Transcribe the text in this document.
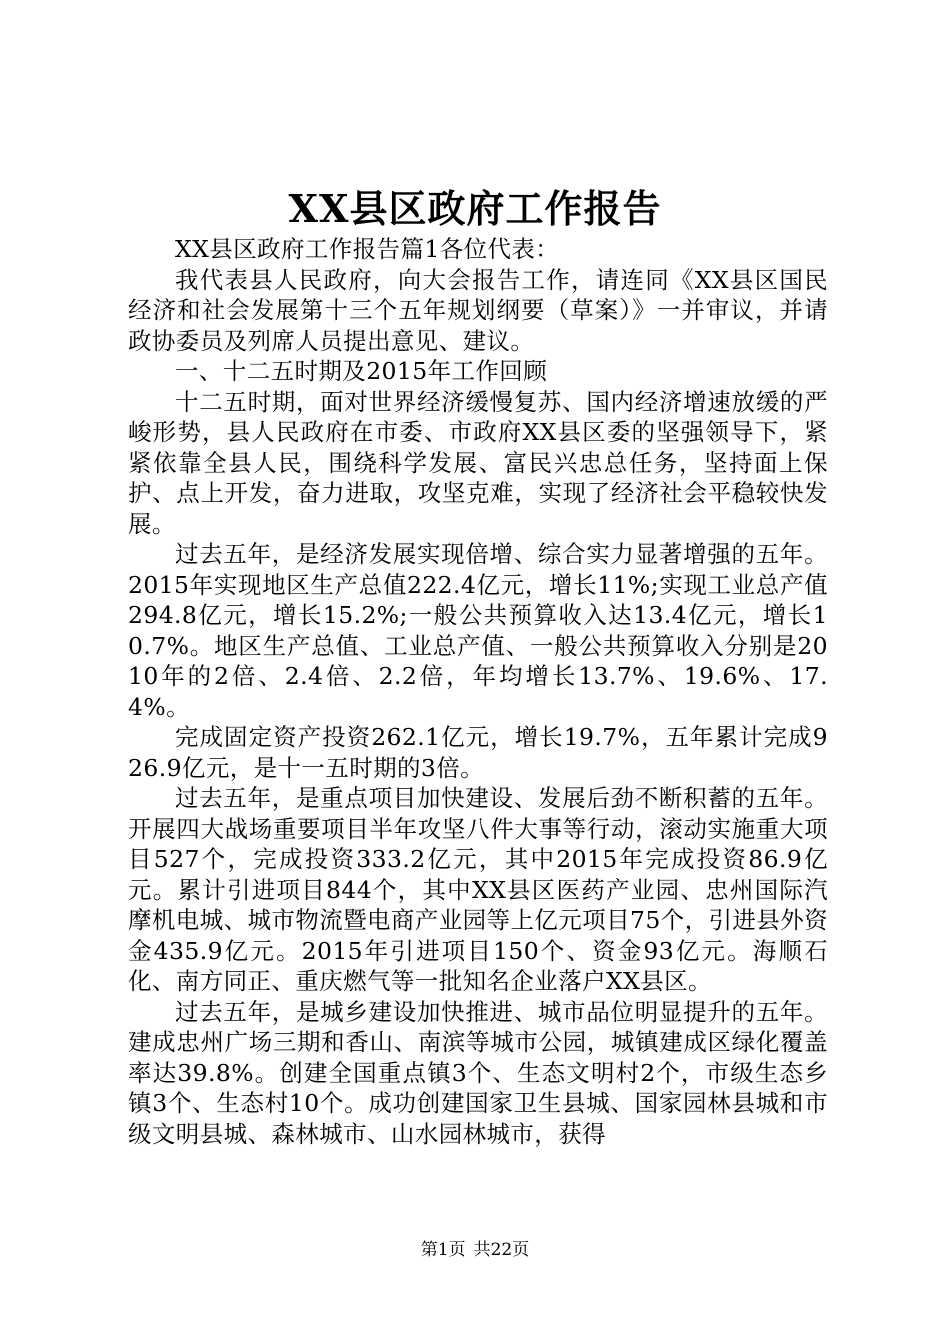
XX县区政府工作报告

XX县区政府工作报告篇1各位代表：

我代表县人民政府，向大会报告工作，请连同《XX县区国民经济和社会发展第十三个五年规划纲要（草案）》一并审议，并请政协委员及列席人员提出意见、建议。

一、十二五时期及2015年工作回顾

十二五时期，面对世界经济缓慢复苏、国内经济增速放缓的严峻形势，县人民政府在市委、市政府XX县区委的坚强领导下，紧紧依靠全县人民，围绕科学发展、富民兴忠总任务，坚持面上保护、点上开发，奋力进取，攻坚克难，实现了经济社会平稳较快发展。

过去五年，是经济发展实现倍增、综合实力显著增强的五年。2015年实现地区生产总值222.4亿元，增长11%;实现工业总产值294.8亿元，增长15.2%;一般公共预算收入达13.4亿元，增长10.7%。地区生产总值、工业总产值、一般公共预算收入分别是2010年的2倍、2.4倍、2.2倍，年均增长13.7%、19.6%、17.4%。

完成固定资产投资262.1亿元，增长19.7%，五年累计完成926.9亿元，是十一五时期的3倍。

过去五年，是重点项目加快建设、发展后劲不断积蓄的五年。开展四大战场重要项目半年攻坚八件大事等行动，滚动实施重大项目527个，完成投资333.2亿元，其中2015年完成投资86.9亿元。累计引进项目844个，其中XX县区医药产业园、忠州国际汽摩机电城、城市物流暨电商产业园等上亿元项目75个，引进县外资金435.9亿元。2015年引进项目150个、资金93亿元。海顺石化、南方同正、重庆燃气等一批知名企业落户XX县区。

过去五年，是城乡建设加快推进、城市品位明显提升的五年。建成忠州广场三期和香山、南滨等城市公园，城镇建成区绿化覆盖率达39.8%。创建全国重点镇3个、生态文明村2个，市级生态乡镇3个、生态村10个。成功创建国家卫生县城、国家园林县城和市级文明县城、森林城市、山水园林城市，获得

第1页 共22页
